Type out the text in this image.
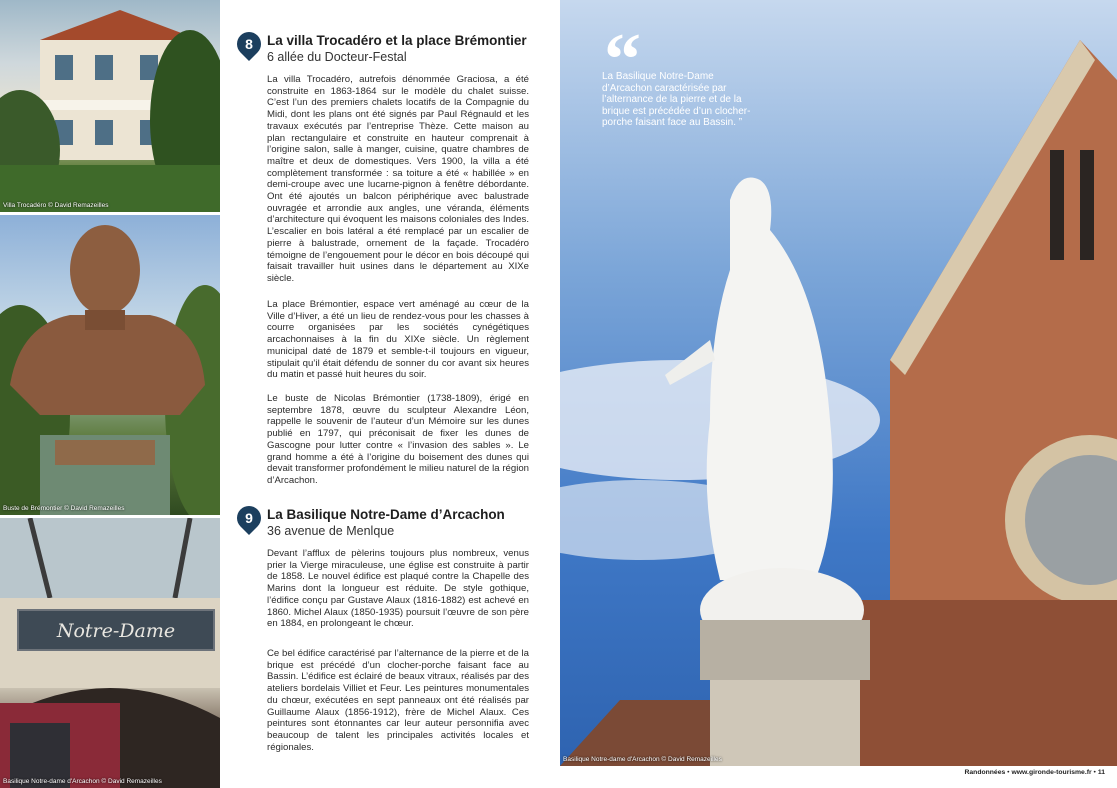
Villa Trocadéro © David Remazeilles
Buste de Brémontier © David Remazeilles
Notre-Dame
Basilique Notre-dame d'Arcachon © David Remazeilles
Basilique Notre-dame d'Arcachon © David Remazeilles
“
La Basilique Notre-Dame d’Arcachon caractérisée par l’alternance de la pierre et de la brique est précédée d’un clocher-porche faisant face au Bassin. ”
8	La villa Trocadéro et la place Brémontier
6 allée du Docteur-Festal
La villa Trocadéro, autrefois dénommée Graciosa, a été construite en 1863-1864 sur le modèle du chalet suisse. C’est l’un des premiers chalets locatifs de la Compagnie du Midi, dont les plans ont été signés par Paul Régnauld et les travaux exécutés par l’entreprise Thèze. Cette maison au plan rectangulaire et construite en hauteur comprenait à l’origine salon, salle à manger, cuisine, quatre chambres de maître et deux de domestiques. Vers 1900, la villa a été complètement transformée : sa toiture a été « habillée » en demi-croupe avec une lucarne-pignon à fenêtre débordante. Ont été ajoutés un balcon périphérique avec balustrade ouvragée et arrondie aux angles, une véranda, éléments d’architecture qui évoquent les maisons coloniales des Indes. L’escalier en bois latéral a été remplacé par un escalier de pierre à balustrade, ornement de la façade. Trocadéro témoigne de l’engouement pour le décor en bois découpé qui faisait travailler huit usines dans le département au XIXe siècle.
La place Brémontier, espace vert aménagé au cœur de la Ville d’Hiver, a été un lieu de rendez-vous pour les chasses à courre organisées par les sociétés cynégétiques arcachonnaises à la fin du XIXe siècle. Un règlement municipal daté de 1879 et semble-t-il toujours en vigueur, stipulait qu’il était défendu de sonner du cor avant six heures du matin et passé huit heures du soir.
Le buste de Nicolas Brémontier (1738-1809), érigé en septembre 1878, œuvre du sculpteur Alexandre Léon, rappelle le souvenir de l’auteur d’un Mémoire sur les dunes publié en 1797, qui préconisait de fixer les dunes de Gascogne pour lutter contre « l’invasion des sables ». Le grand homme a été à l’origine du boisement des dunes qui devait transformer profondément le milieu naturel de la région d’Arcachon.
9	La Basilique Notre-Dame d’Arcachon
36 avenue de Menlque
Devant l’afflux de pèlerins toujours plus nombreux, venus prier la Vierge miraculeuse, une église est construite à partir de 1858. Le nouvel édifice est plaqué contre la Chapelle des Marins dont la longueur est réduite. De style gothique, l’édifice conçu par Gustave Alaux (1816-1882) est achevé en 1860. Michel Alaux (1850-1935) poursuit l’œuvre de son père en 1884, en prolongeant le chœur.
Ce bel édifice caractérisé par l’alternance de la pierre et de la brique est précédé d’un clocher-porche faisant face au Bassin. L’édifice est éclairé de beaux vitraux, réalisés par des ateliers bordelais Villiet et Feur. Les peintures monumentales du chœur, exécutées en sept panneaux ont été réalisés par Guillaume Alaux (1856-1912), frère de Michel Alaux. Ces peintures sont étonnantes car leur auteur personnifia avec beaucoup de talent les principales activités locales et régionales.
Randonnées • www.gironde-tourisme.fr • 11
